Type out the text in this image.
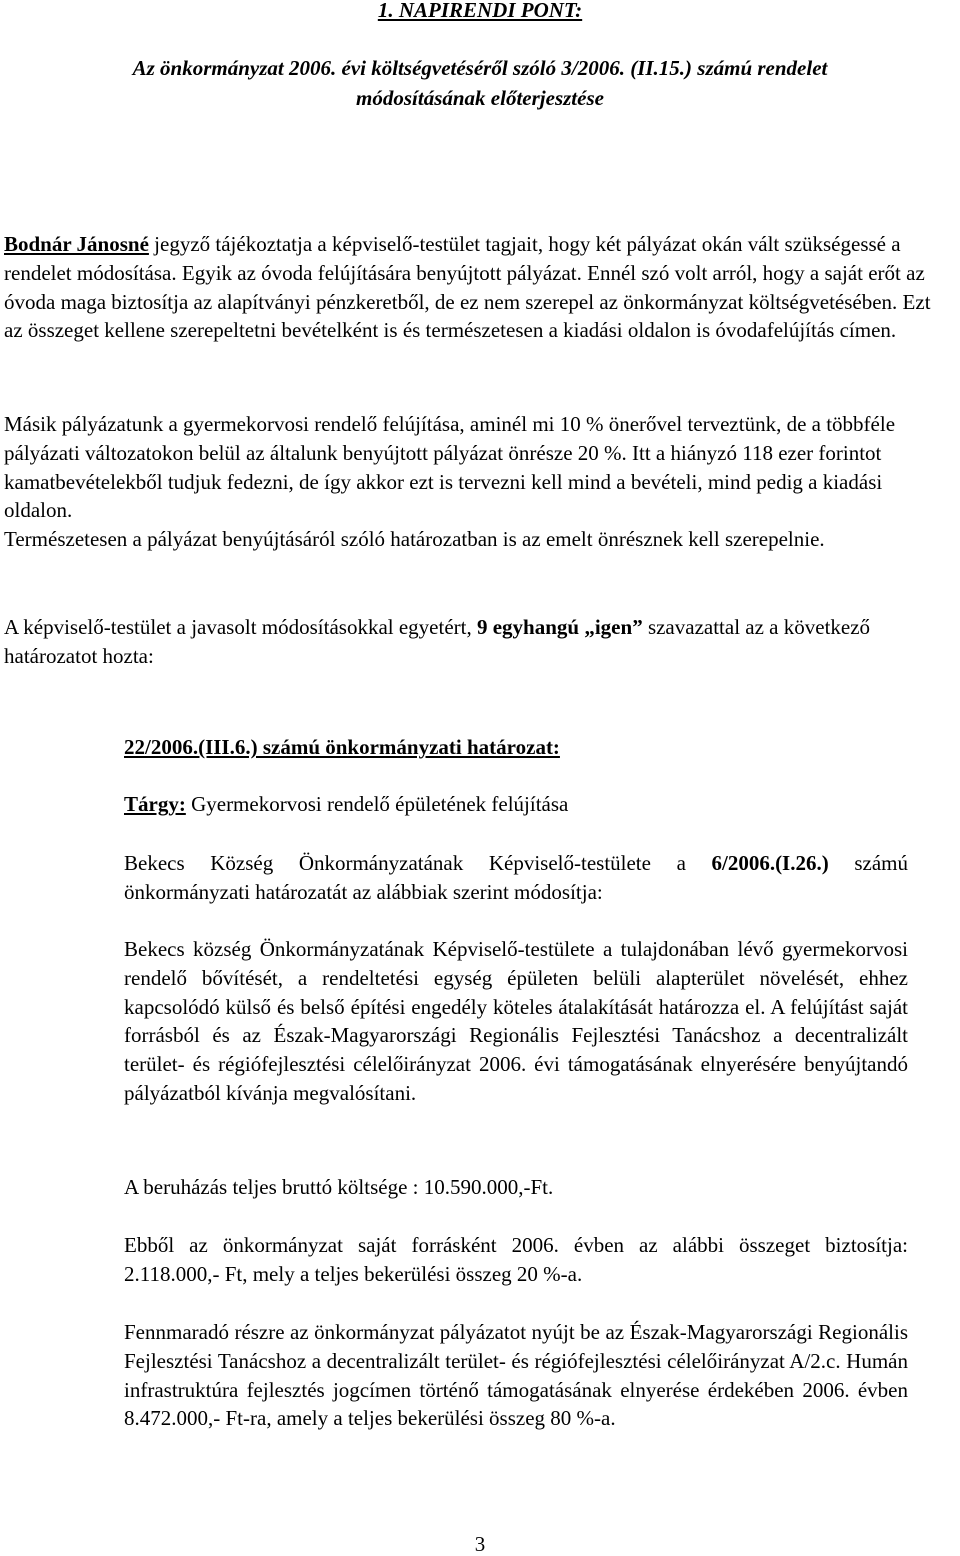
1. NAPIRENDI PONT:
Az önkormányzat 2006. évi költségvetéséről szóló 3/2006. (II.15.) számú rendelet
módosításának előterjesztése
Bodnár Jánosné jegyző tájékoztatja a képviselő-testület tagjait, hogy két pályázat okán vált szükségessé a rendelet módosítása. Egyik az óvoda felújítására benyújtott pályázat. Ennél szó volt arról, hogy a saját erőt az óvoda maga biztosítja az alapítványi pénzkeretből, de ez nem szerepel az önkormányzat költségvetésében. Ezt az összeget kellene szerepeltetni bevételként is és természetesen a kiadási oldalon is óvodafelújítás címen.
Másik pályázatunk a gyermekorvosi rendelő felújítása, aminél mi 10 % önerővel terveztünk, de a többféle pályázati változatokon belül az általunk benyújtott pályázat önrésze 20 %. Itt a hiányzó 118 ezer forintot kamatbevételekből tudjuk fedezni, de így akkor ezt is tervezni kell mind a bevételi, mind pedig a kiadási oldalon.
Természetesen a pályázat benyújtásáról szóló határozatban is az emelt önrésznek kell szerepelnie.
A képviselő-testület a javasolt módosításokkal egyetért, 9 egyhangú „igen” szavazattal az a következő határozatot hozta:
22/2006.(III.6.) számú önkormányzati határozat:
Tárgy: Gyermekorvosi rendelő épületének felújítása
Bekecs Község Önkormányzatának Képviselő-testülete a 6/2006.(I.26.) számú önkormányzati határozatát az alábbiak szerint módosítja:
Bekecs község Önkormányzatának Képviselő-testülete a tulajdonában lévő gyermekorvosi rendelő bővítését, a rendeltetési egység épületen belüli alapterület növelését, ehhez kapcsolódó külső és belső építési engedély köteles átalakítását határozza el. A felújítást saját forrásból és az Észak-Magyarországi Regionális Fejlesztési Tanácshoz a decentralizált terület- és régiófejlesztési célelőirányzat 2006. évi támogatásának elnyerésére benyújtandó pályázatból kívánja megvalósítani.
A beruházás teljes bruttó költsége : 10.590.000,-Ft.
Ebből az önkormányzat saját forrásként 2006. évben az alábbi összeget biztosítja: 2.118.000,- Ft, mely a teljes bekerülési összeg 20 %-a.
Fennmaradó részre az önkormányzat pályázatot nyújt be az Észak-Magyarországi Regionális Fejlesztési Tanácshoz a decentralizált terület- és régiófejlesztési célelőirányzat A/2.c. Humán infrastruktúra fejlesztés jogcímen történő támogatásának elnyerése érdekében 2006. évben 8.472.000,- Ft-ra, amely a teljes bekerülési összeg 80 %-a.
3
